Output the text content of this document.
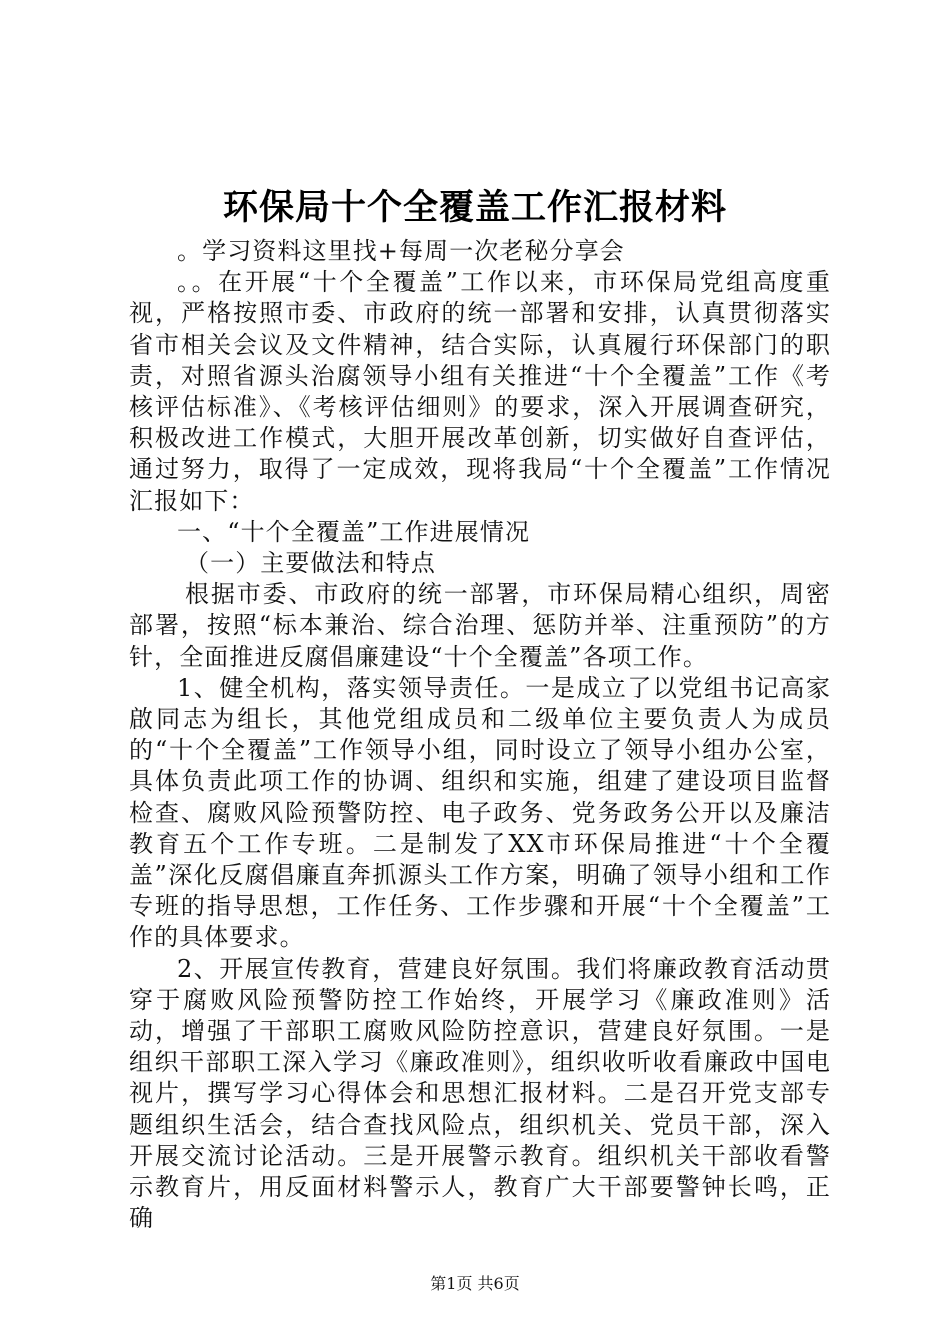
环保局十个全覆盖工作汇报材料

。学习资料这里找+每周一次老秘分享会

。。在开展“十个全覆盖”工作以来，市环保局党组高度重视，严格按照市委、市政府的统一部署和安排，认真贯彻落实省市相关会议及文件精神，结合实际，认真履行环保部门的职责，对照省源头治腐领导小组有关推进“十个全覆盖”工作《考核评估标准》、《考核评估细则》的要求，深入开展调查研究，积极改进工作模式，大胆开展改革创新，切实做好自查评估，通过努力，取得了一定成效，现将我局“十个全覆盖”工作情况汇报如下：

一、“十个全覆盖”工作进展情况

（一）主要做法和特点

根据市委、市政府的统一部署，市环保局精心组织，周密部署，按照“标本兼治、综合治理、惩防并举、注重预防”的方针，全面推进反腐倡廉建设“十个全覆盖”各项工作。

1、健全机构，落实领导责任。一是成立了以党组书记高家啟同志为组长，其他党组成员和二级单位主要负责人为成员的“十个全覆盖”工作领导小组，同时设立了领导小组办公室，具体负责此项工作的协调、组织和实施，组建了建设项目监督检查、腐败风险预警防控、电子政务、党务政务公开以及廉洁教育五个工作专班。二是制发了XX市环保局推进“十个全覆盖”深化反腐倡廉直奔抓源头工作方案，明确了领导小组和工作专班的指导思想，工作任务、工作步骤和开展“十个全覆盖”工作的具体要求。

2、开展宣传教育，营建良好氛围。我们将廉政教育活动贯穿于腐败风险预警防控工作始终，开展学习《廉政准则》活动，增强了干部职工腐败风险防控意识，营建良好氛围。一是组织干部职工深入学习《廉政准则》，组织收听收看廉政中国电视片，撰写学习心得体会和思想汇报材料。二是召开党支部专题组织生活会，结合查找风险点，组织机关、党员干部，深入开展交流讨论活动。三是开展警示教育。组织机关干部收看警示教育片，用反面材料警示人，教育广大干部要警钟长鸣，正确

第1页 共6页
